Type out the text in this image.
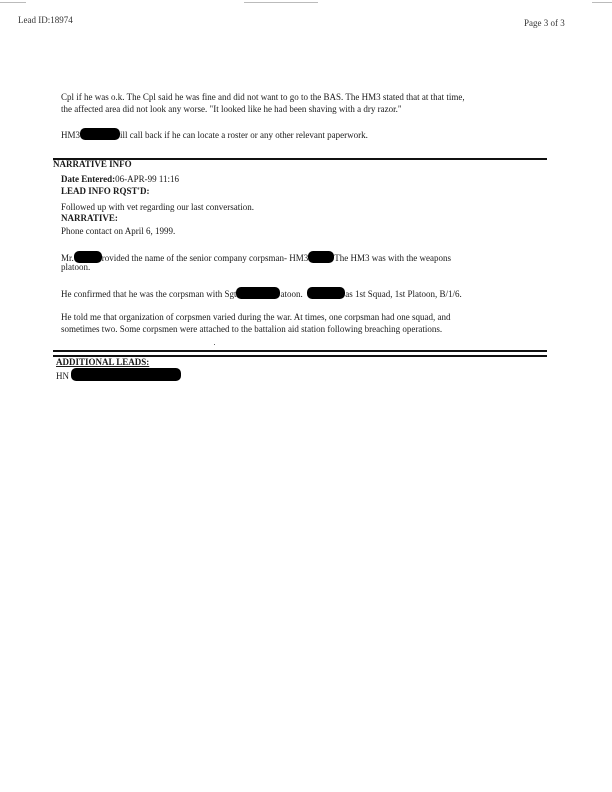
Lead ID:18974	Page 3 of 3
Cpl if he was o.k. The Cpl said he was fine and did not want to go to the BAS. The HM3 stated that at that time,
the affected area did not look any worse. "It looked like he had been shaving with a dry razor."
HM3	ill call back if he can locate a roster or any other relevant paperwork.
NARRATIVE INFO
Date Entered:06-APR-99 11:16
LEAD INFO RQST'D:
Followed up with vet regarding our last conversation.
NARRATIVE:
Phone contact on April 6, 1999.
Mr.	rovided the name of the senior company corpsman- HM3	The HM3 was with the weapons
platoon.
He confirmed that he was the corpsman with Sgt	atoon.	as 1st Squad, 1st Platoon, B/1/6.
He told me that organization of corpsmen varied during the war. At times, one corpsman had one squad, and
sometimes two. Some corpsmen were attached to the battalion aid station following breaching operations.
ADDITIONAL LEADS:
HN
